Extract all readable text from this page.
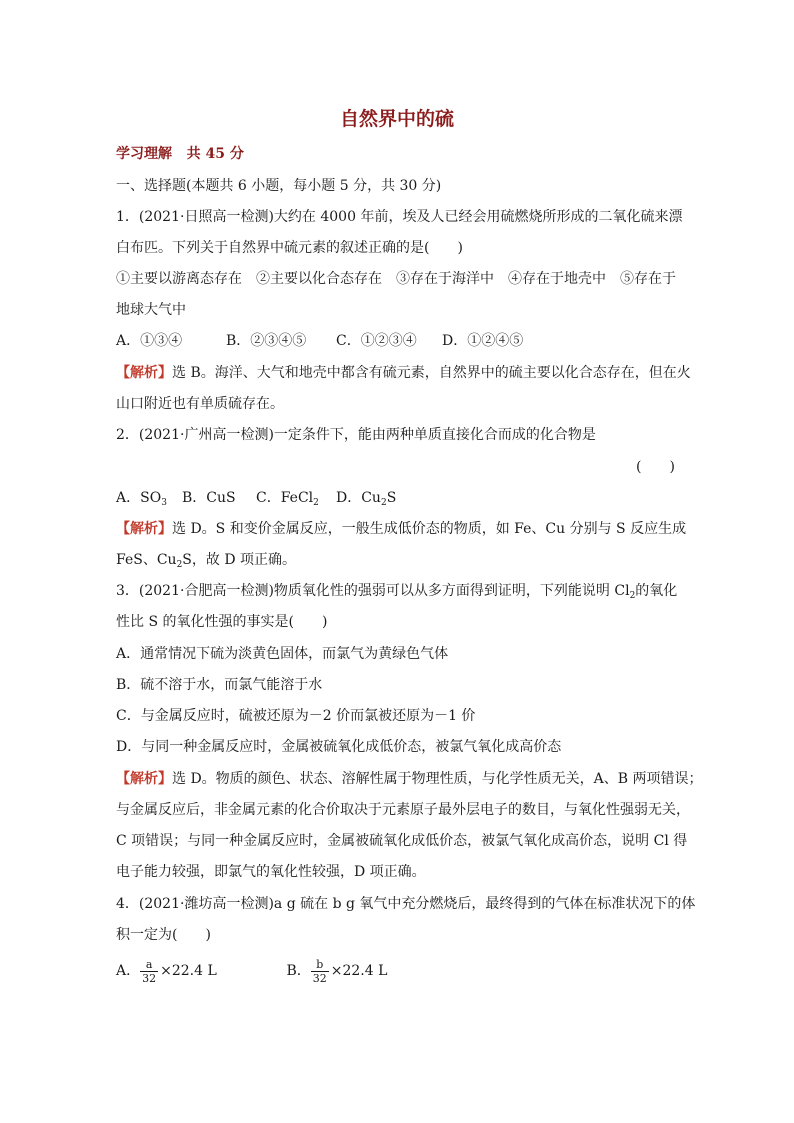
自然界中的硫
学习理解 共 45 分
一、选择题(本题共 6 小题，每小题 5 分，共 30 分)
1．(2021·日照高一检测)大约在 4000 年前，埃及人已经会用硫燃烧所形成的二氧化硫来漂
白布匹。下列关于自然界中硫元素的叙述正确的是(　　)
①主要以游离态存在　②主要以化合态存在　③存在于海洋中　④存在于地壳中　⑤存在于
地球大气中
A．①③④	B．②③④⑤ C．①②③④ D．①②④⑤
【解析】选 B。海洋、大气和地壳中都含有硫元素，自然界中的硫主要以化合态存在，但在火
山口附近也有单质硫存在。
2．(2021·广州高一检测)一定条件下，能由两种单质直接化合而成的化合物是
(　　)
A．$SO_3$ B．CuS C．FeCl$_2$ D．$Cu_2S$
【解析】选 D。S 和变价金属反应，一般生成低价态的物质，如 Fe、Cu 分别与 S 反应生成
FeS、$Cu_2S$，故 D 项正确。
3．(2021·合肥高一检测)物质氧化性的强弱可以从多方面得到证明，下列能说明 $Cl_2$的氧化
性比 S 的氧化性强的事实是(　　)
A．通常情况下硫为淡黄色固体，而氯气为黄绿色气体
B．硫不溶于水，而氯气能溶于水
C．与金属反应时，硫被还原为－2 价而氯被还原为－1 价
D．与同一种金属反应时，金属被硫氧化成低价态，被氯气氧化成高价态
【解析】选 D。物质的颜色、状态、溶解性属于物理性质，与化学性质无关，A、B 两项错误；
与金属反应后，非金属元素的化合价取决于元素原子最外层电子的数目，与氧化性强弱无关，
C 项错误；与同一种金属反应时，金属被硫氧化成低价态，被氯气氧化成高价态，说明 Cl 得
电子能力较强，即氯气的氧化性较强，D 项正确。
4．(2021·潍坊高一检测)a g 硫在 b g 氧气中充分燃烧后，最终得到的气体在标准状况下的体
积一定为(　　)
A． $\frac{a}{32} \times 22.4$ L	B． $\frac{b}{32} \times 22.4$ L
